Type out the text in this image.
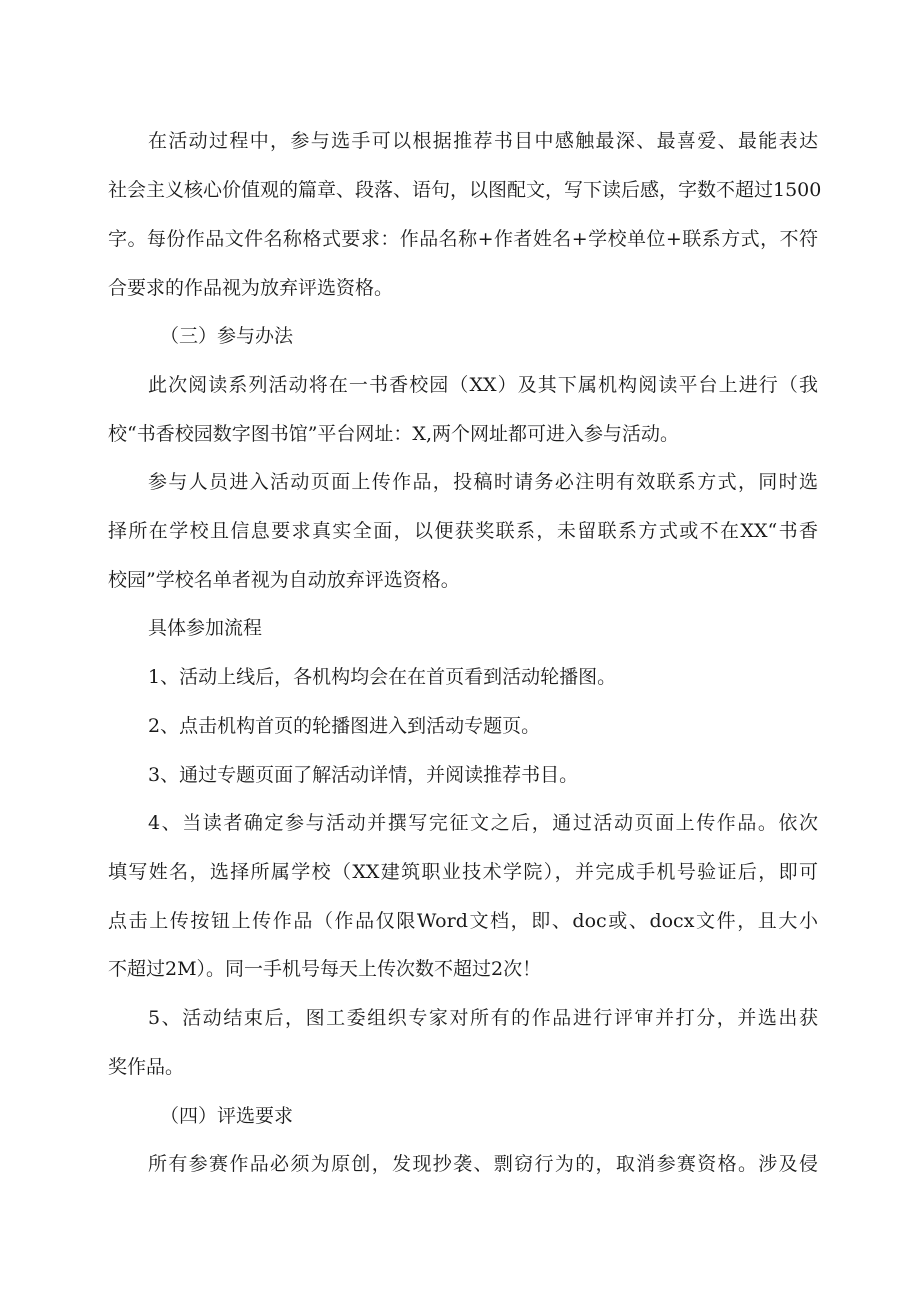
在活动过程中，参与选手可以根据推荐书目中感触最深、最喜爱、最能表达
社会主义核心价值观的篇章、段落、语句，以图配文，写下读后感，字数不超过1500
字。每份作品文件名称格式要求：作品名称+作者姓名+学校单位+联系方式，不符
合要求的作品视为放弃评选资格。
（三）参与办法
此次阅读系列活动将在一书香校园（XX）及其下属机构阅读平台上进行（我
校“书香校园数字图书馆”平台网址：X,两个网址都可进入参与活动。
参与人员进入活动页面上传作品，投稿时请务必注明有效联系方式，同时选
择所在学校且信息要求真实全面，以便获奖联系，未留联系方式或不在XX“书香
校园”学校名单者视为自动放弃评选资格。
具体参加流程
1、活动上线后，各机构均会在在首页看到活动轮播图。
2、点击机构首页的轮播图进入到活动专题页。
3、通过专题页面了解活动详情，并阅读推荐书目。
4、当读者确定参与活动并撰写完征文之后，通过活动页面上传作品。依次
填写姓名，选择所属学校（XX建筑职业技术学院），并完成手机号验证后，即可
点击上传按钮上传作品（作品仅限Word文档，即、doc或、docx文件，且大小
不超过2M）。同一手机号每天上传次数不超过2次！
5、活动结束后，图工委组织专家对所有的作品进行评审并打分，并选出获
奖作品。
（四）评选要求
所有参赛作品必须为原创，发现抄袭、剽窃行为的，取消参赛资格。涉及侵
